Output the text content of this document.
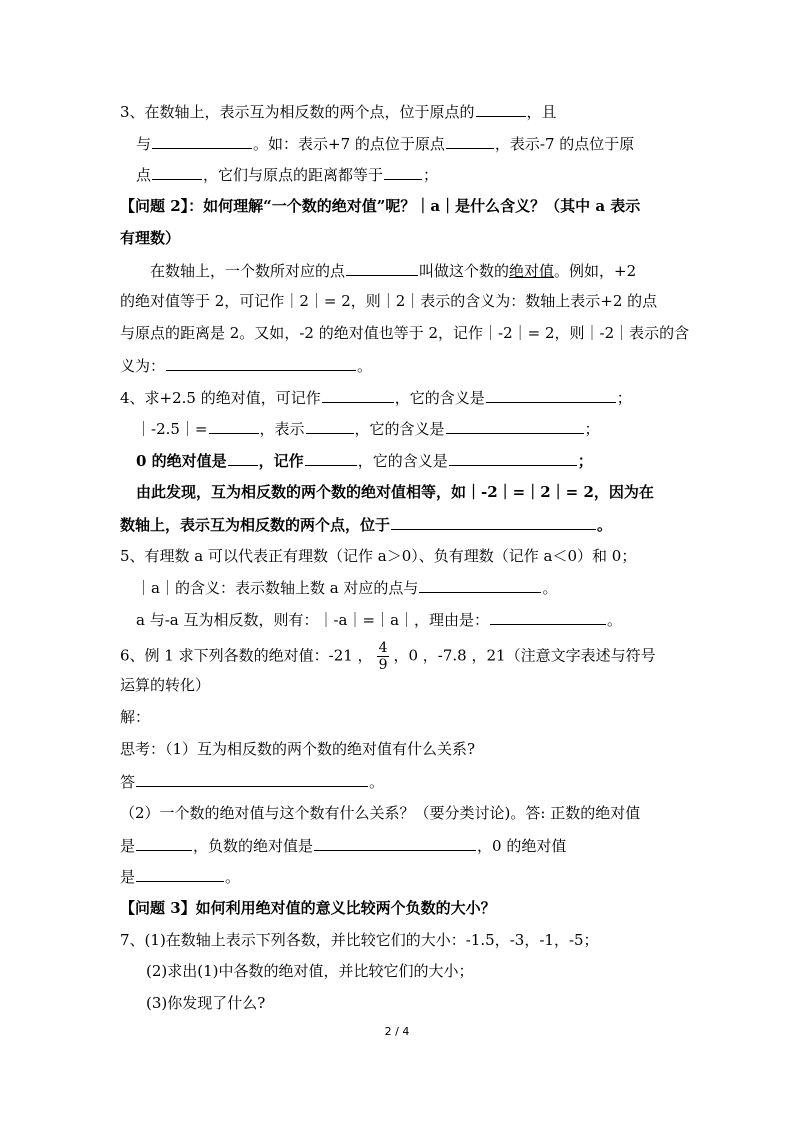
3、在数轴上，表示互为相反数的两个点，位于原点的	，且
与	。如：表示+7 的点位于原点	，表示-7 的点位于原
点	，它们与原点的距离都等于	；
【问题 2】：如何理解“一个数的绝对值”呢？｜a｜是什么含义？（其中 a 表示
有理数）
在数轴上，一个数所对应的点	叫做这个数的绝对值。例如，+2
的绝对值等于 2，可记作｜2｜= 2，则｜2｜表示的含义为：数轴上表示+2 的点
与原点的距离是 2。又如，-2 的绝对值也等于 2，记作｜-2｜= 2，则｜-2｜表示的含
义为：	。
4、求+2.5 的绝对值，可记作	，它的含义是	；
｜-2.5｜=	，表示	，它的含义是	；
0 的绝对值是 ，记作	，它的含义是	；
由此发现，互为相反数的两个数的绝对值相等，如｜-2｜=｜2｜= 2，因为在
数轴上，表示互为相反数的两个点，位于	。
5、有理数 a 可以代表正有理数（记作 a＞0）、负有理数（记作 a＜0）和 0；
｜a｜的含义：表示数轴上数 a 对应的点与	。
a 与-a 互为相反数，则有：｜-a｜=｜a｜，理由是：	。
6、例 1 求下列各数的绝对值：-21 ， $\frac{4}{9}$ ，0 ，-7.8 ，21（注意文字表述与符号
运算的转化）
解：
思考：（1）互为相反数的两个数的绝对值有什么关系?
答	。
（2）一个数的绝对值与这个数有什么关系？（要分类讨论)。答: 正数的绝对值
是	，负数的绝对值是	，0 的绝对值
是	。
【问题 3】如何利用绝对值的意义比较两个负数的大小？
7、(1)在数轴上表示下列各数，并比较它们的大小：-1.5，-3，-1，-5；
(2)求出(1)中各数的绝对值，并比较它们的大小；
(3)你发现了什么?
2 / 4
